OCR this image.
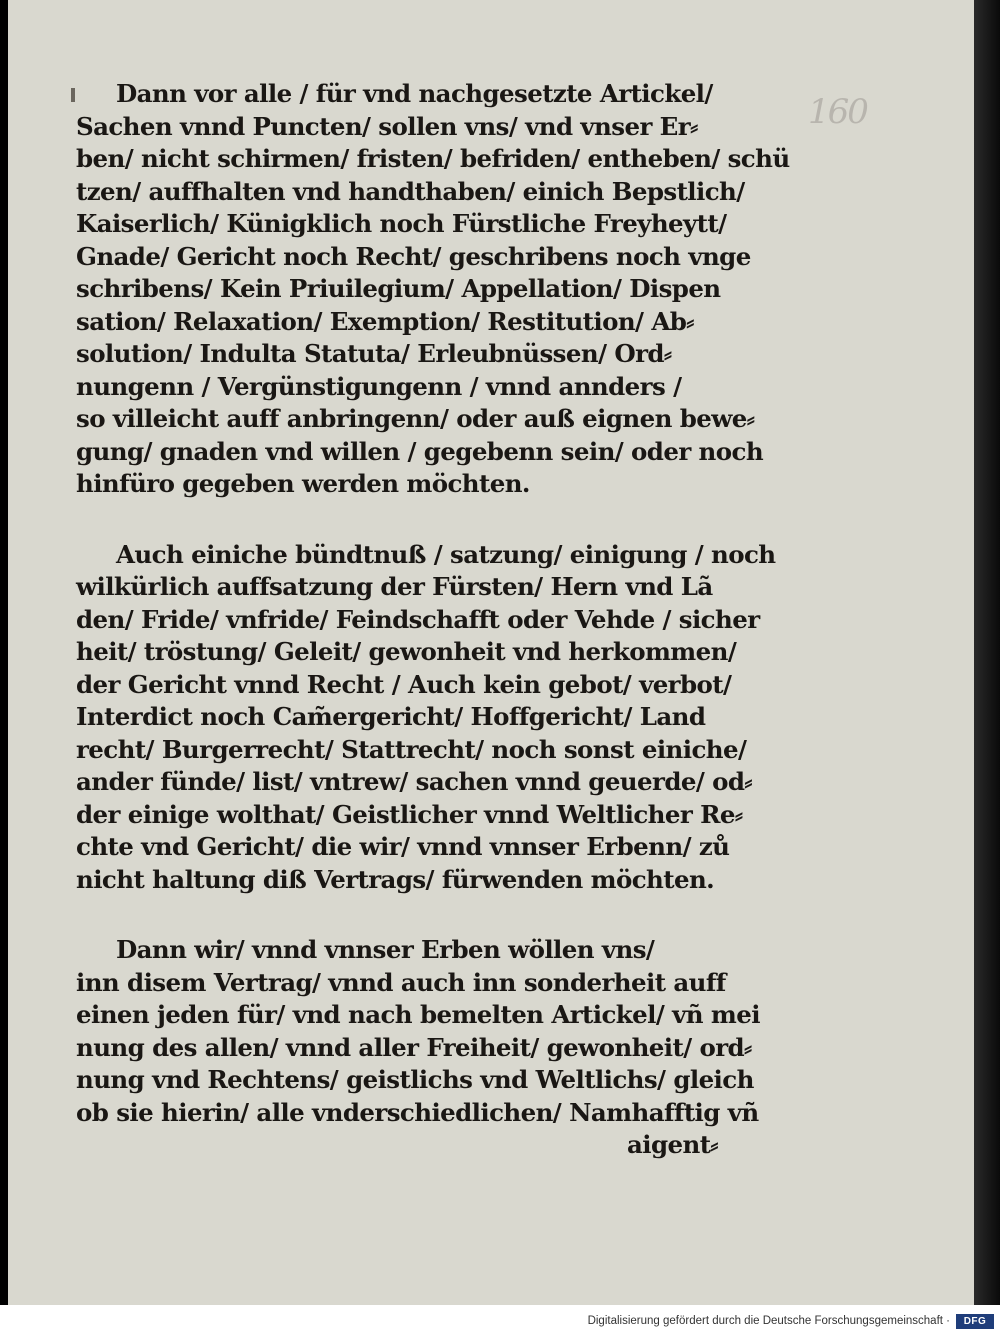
160
Dann vor alle / für vnd nachgesetzte Artickel/
Sachen vnnd Puncten/ sollen vns/ vnd vnser Er⸗
ben/ nicht schirmen/ fristen/ befriden/ entheben/ schü
tzen/ auffhalten vnd handthaben/ einich Bepstlich/
Kaiserlich/ Künigklich noch Fürstliche Freyheytt/
Gnade/ Gericht noch Recht/ geschribens noch vnge
schribens/ Kein Priuilegium/ Appellation/ Dispen
sation/ Relaxation/ Exemption/ Restitution/ Ab⸗
solution/ Indulta Statuta/ Erleubnüssen/ Ord⸗
nungenn / Vergünstigungenn / vnnd annders /
so villeicht auff anbringenn/ oder auß eignen bewe⸗
gung/ gnaden vnd willen / gegebenn sein/ oder noch
hinfüro gegeben werden möchten.
Auch einiche bündtnuß / satzung/ einigung / noch
wilkürlich auffsatzung der Fürsten/ Hern vnd Lã
den/ Fride/ vnfride/ Feindschafft oder Vehde / sicher
heit/ tröstung/ Geleit/ gewonheit vnd herkommen/
der Gericht vnnd Recht / Auch kein gebot/ verbot/
Interdict noch Cam̃ergericht/ Hoffgericht/ Land
recht/ Burgerrecht/ Stattrecht/ noch sonst einiche/
ander fünde/ list/ vntrew/ sachen vnnd geuerde/ od⸗
der einige wolthat/ Geistlicher vnnd Weltlicher Re⸗
chte vnd Gericht/ die wir/ vnnd vnnser Erbenn/ zů
nicht haltung diß Vertrags/ fürwenden möchten.
Dann wir/ vnnd vnnser Erben wöllen vns/
inn disem Vertrag/ vnnd auch inn sonderheit auff
einen jeden für/ vnd nach bemelten Artickel/ vñ mei
nung des allen/ vnnd aller Freiheit/ gewonheit/ ord⸗
nung vnd Rechtens/ geistlichs vnd Weltlichs/ gleich
ob sie hierin/ alle vnderschiedlichen/ Namhafftig vñ
aigent⸗
Digitalisierung gefördert durch die Deutsche Forschungsgemeinschaft ·	DFG
